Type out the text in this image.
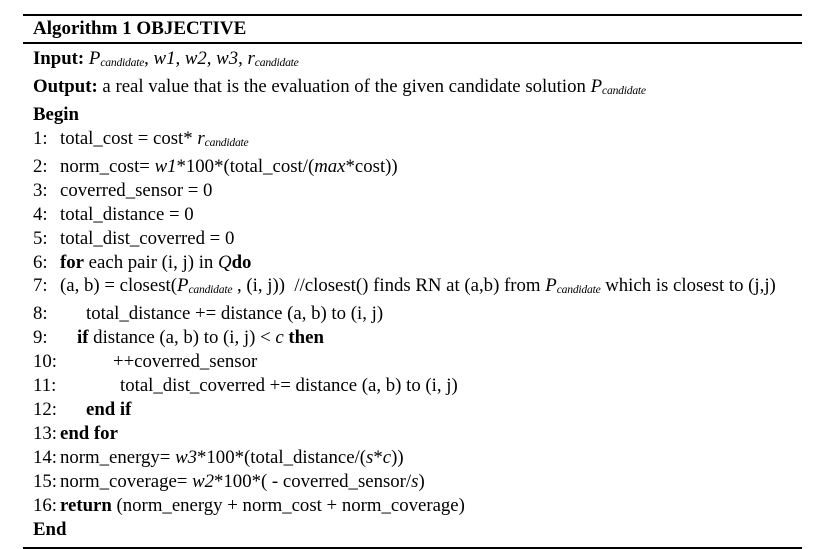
Algorithm 1 OBJECTIVE
Input: Pcandidate, w1, w2, w3, rcandidate
Output: a real value that is the evaluation of the given candidate solution Pcandidate
Begin
1: total_cost = cost* rcandidate
2: norm_cost= w1*100*(total_cost/(max*cost))
3: coverred_sensor = 0
4: total_distance = 0
5: total_dist_coverred = 0
6: for each pair (i, j) in Qdo
7: (a, b) = closest(Pcandidate , (i, j))  //closest() finds RN at (a,b) from Pcandidate which is closest to (j,j)
8: total_distance += distance (a, b) to (i, j)
9: if distance (a, b) to (i, j) < c then
10:	++coverred_sensor
11:	total_dist_coverred += distance (a, b) to (i, j)
12: end if
13: end for
14: norm_energy= w3*100*(total_distance/(s*c))
15: norm_coverage= w2*100*( - coverred_sensor/s)
16: return (norm_energy + norm_cost + norm_coverage)
End
